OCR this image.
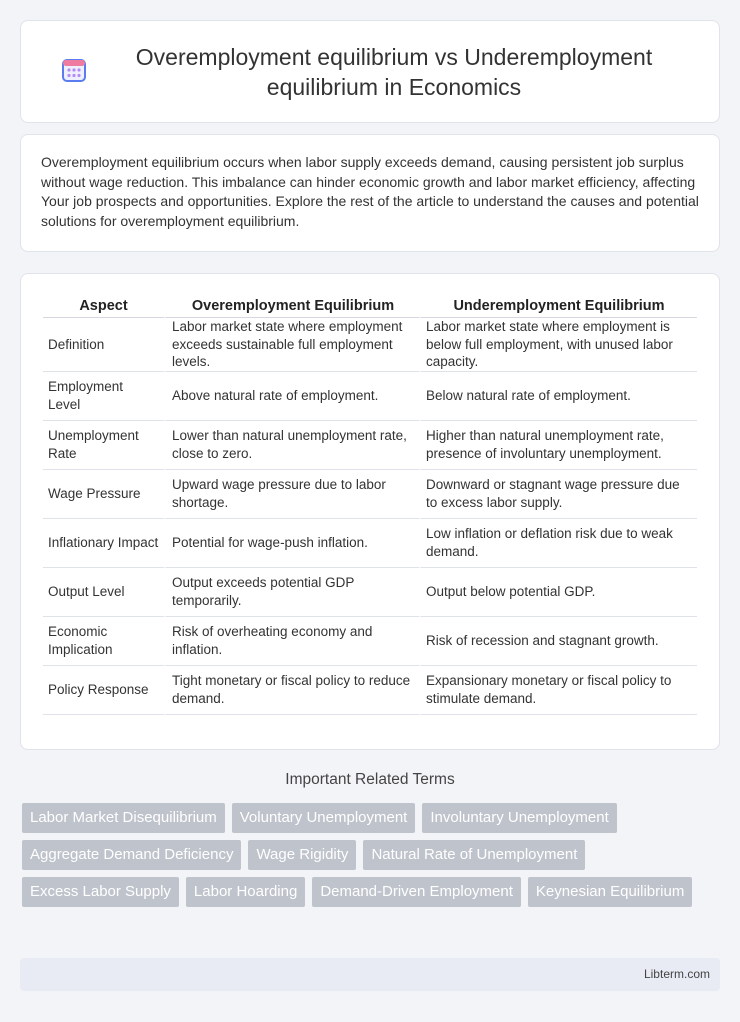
Overemployment equilibrium vs Underemployment equilibrium in Economics

Overemployment equilibrium occurs when labor supply exceeds demand, causing persistent job surplus without wage reduction. This imbalance can hinder economic growth and labor market efficiency, affecting Your job prospects and opportunities. Explore the rest of the article to understand the causes and potential solutions for overemployment equilibrium.

Aspect	Overemployment Equilibrium	Underemployment Equilibrium
Definition	Labor market state where employment exceeds sustainable full employment levels.	Labor market state where employment is below full employment, with unused labor capacity.
Employment Level	Above natural rate of employment.	Below natural rate of employment.
Unemployment Rate	Lower than natural unemployment rate, close to zero.	Higher than natural unemployment rate, presence of involuntary unemployment.
Wage Pressure	Upward wage pressure due to labor shortage.	Downward or stagnant wage pressure due to excess labor supply.
Inflationary Impact	Potential for wage-push inflation.	Low inflation or deflation risk due to weak demand.
Output Level	Output exceeds potential GDP temporarily.	Output below potential GDP.
Economic Implication	Risk of overheating economy and inflation.	Risk of recession and stagnant growth.
Policy Response	Tight monetary or fiscal policy to reduce demand.	Expansionary monetary or fiscal policy to stimulate demand.
Important Related Terms
Labor Market Disequilibrium	Voluntary Unemployment	Involuntary Unemployment
Aggregate Demand Deficiency	Wage Rigidity	Natural Rate of Unemployment
Excess Labor Supply	Labor Hoarding	Demand-Driven Employment	Keynesian Equilibrium
Libterm.com
